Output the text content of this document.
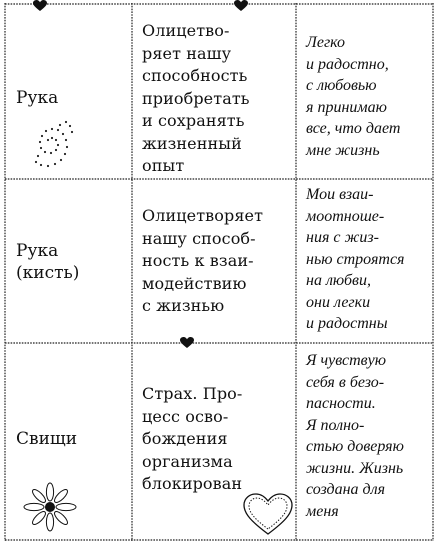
Рука
Олицетво-
ряет нашу
способность
приобретать
и сохранять
жизненный
опыт
Легко
и радостно,
с любовью
я принимаю
все, что дает
мне жизнь
Рука
(кисть)
Олицетворяет
нашу способ-
ность к взаи-
модействию
с жизнью
Мои взаи-
моотноше-
ния с жиз-
нью строятся
на любви,
они легки
и радостны
Свищи
Страх. Про-
цесс осво-
бождения
организма
блокирован
Я чувствую
себя в безо-
пасности.
Я полно-
стью доверяю
жизни. Жизнь
создана для
меня
